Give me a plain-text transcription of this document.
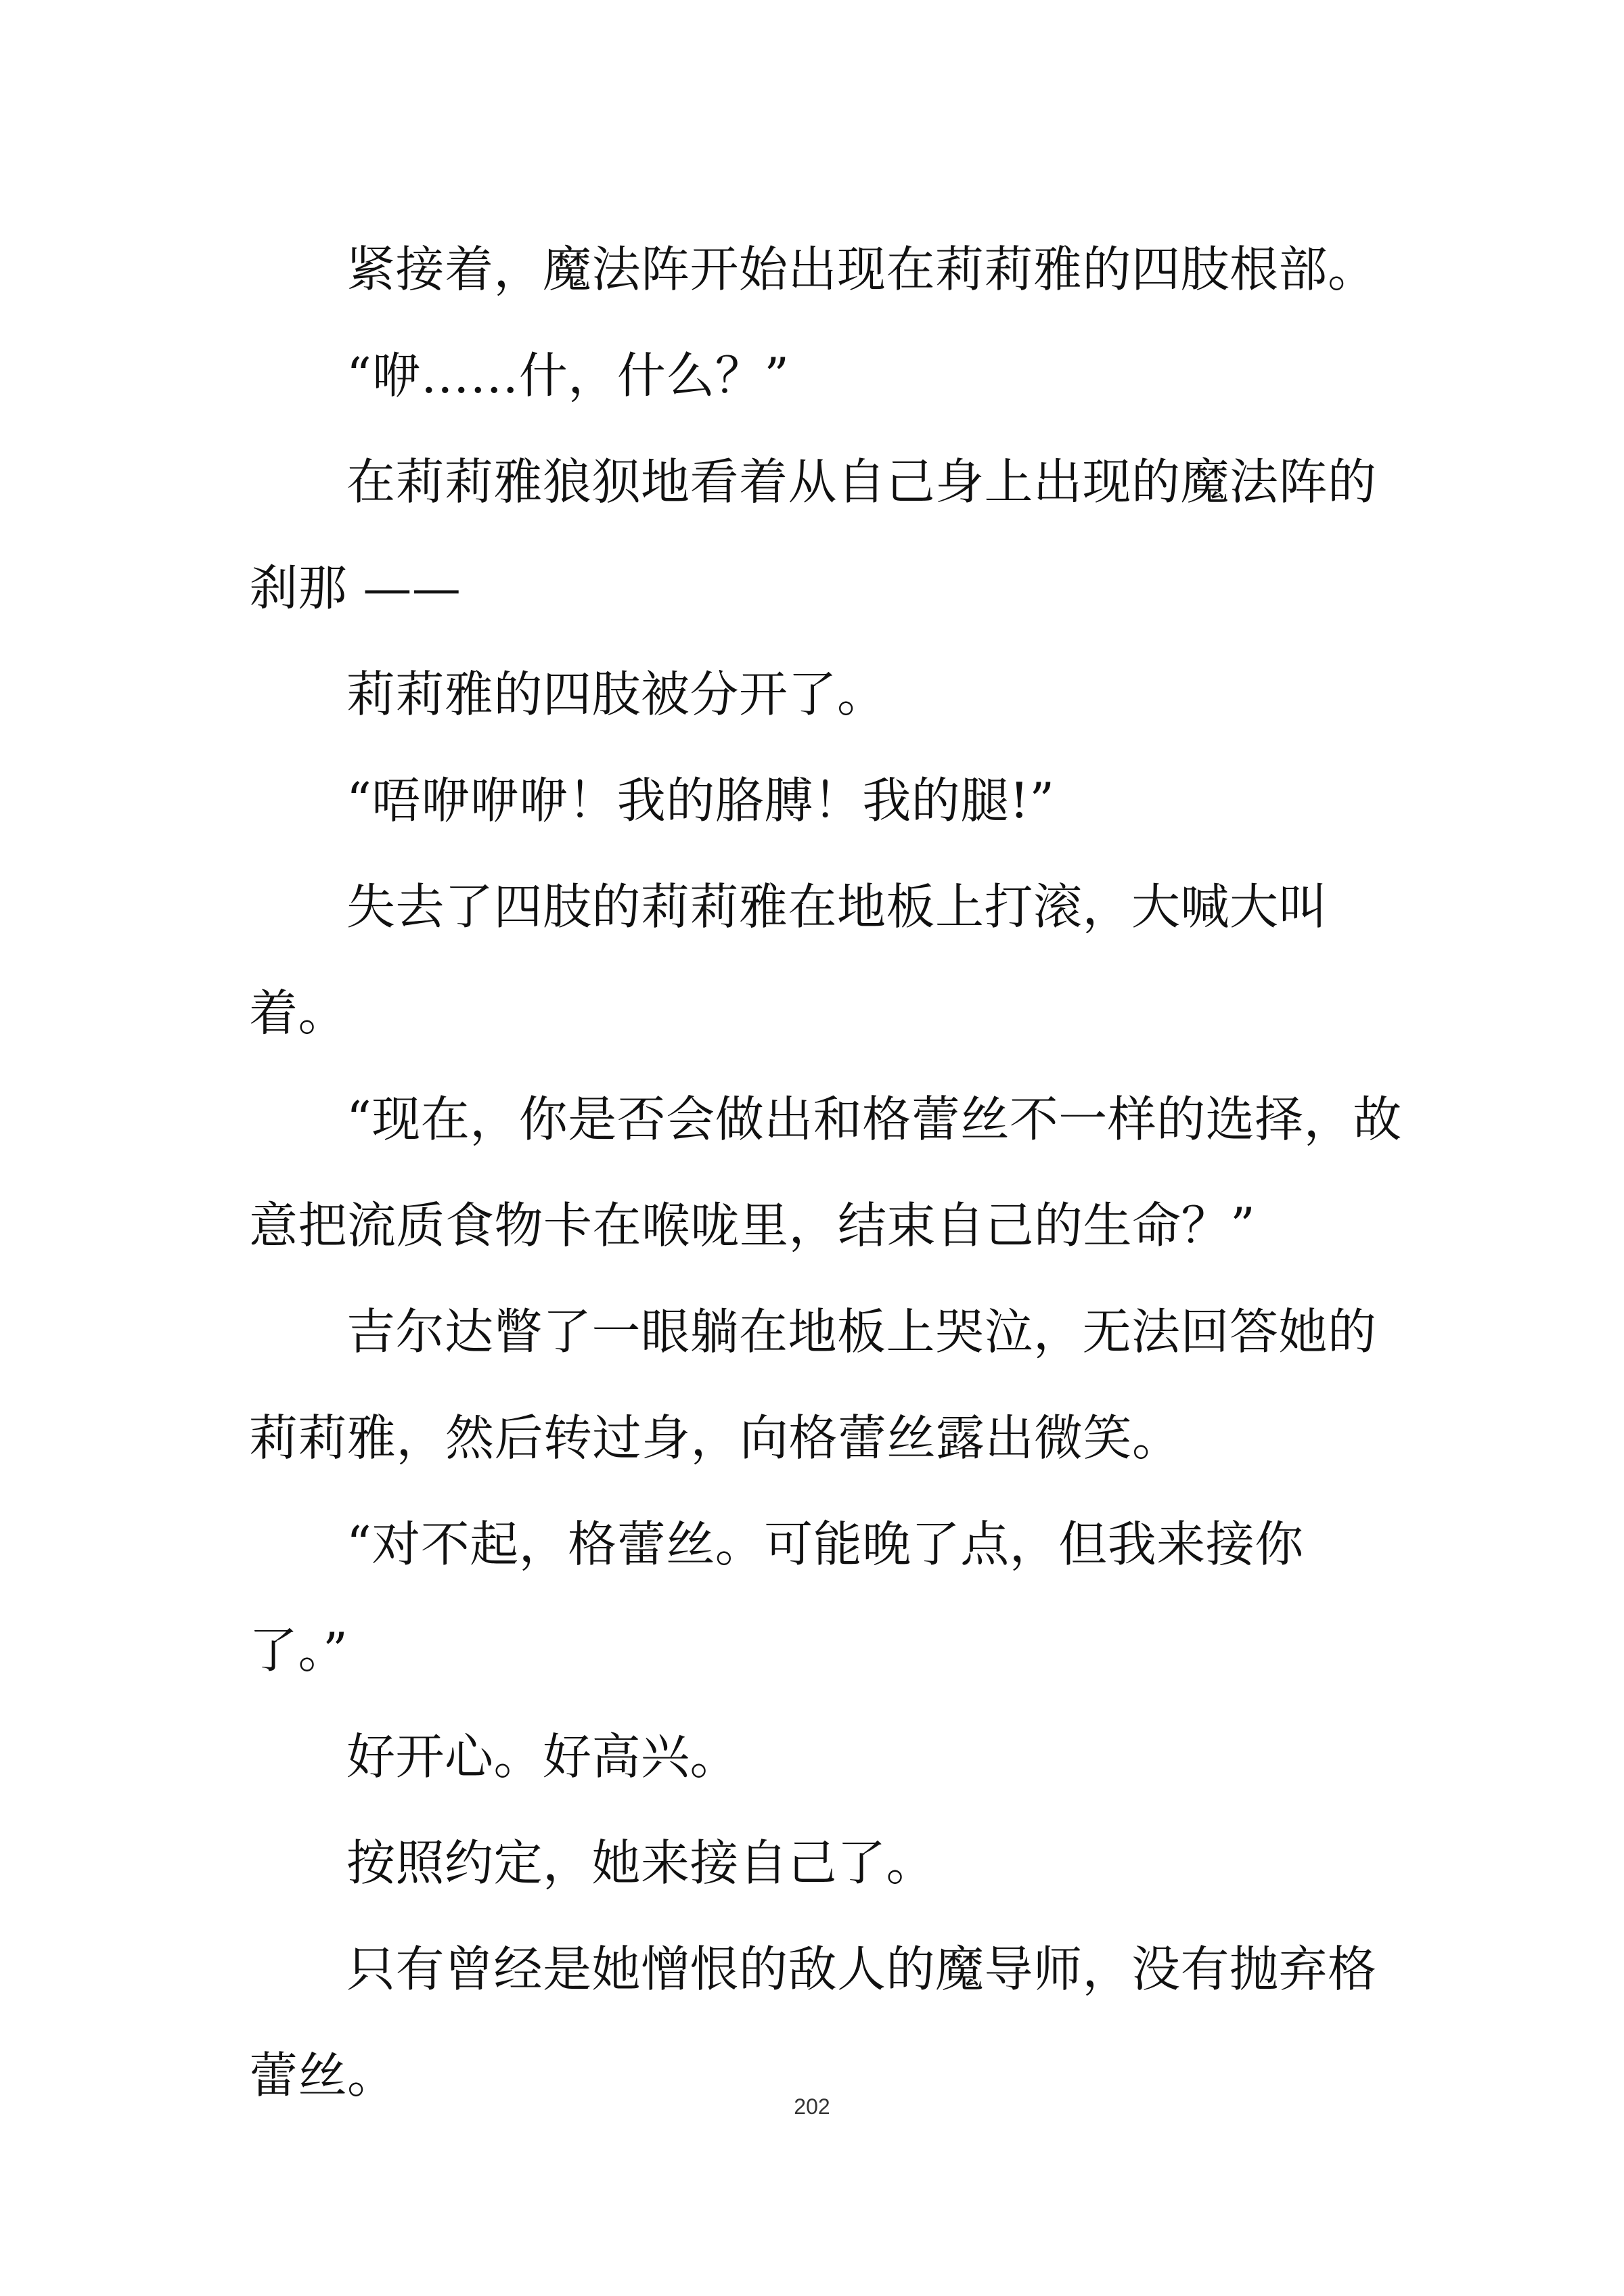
紧接着，魔法阵开始出现在莉莉雅的四肢根部。

“咿……什，什么？”

在莉莉雅狼狈地看着从自己身上出现的魔法阵的刹那 ——

莉莉雅的四肢被分开了。

“唔咿咿咿！我的胳膊！我的腿!”

失去了四肢的莉莉雅在地板上打滚，大喊大叫着。

“现在，你是否会做出和格蕾丝不一样的选择，故意把流质食物卡在喉咙里，结束自己的生命？”

吉尔达瞥了一眼躺在地板上哭泣，无法回答她的莉莉雅，然后转过身，向格蕾丝露出微笑。

“对不起，格蕾丝。可能晚了点，但我来接你了。”

好开心。好高兴。

按照约定，她来接自己了。

只有曾经是她憎恨的敌人的魔导师，没有抛弃格蕾丝。

202
